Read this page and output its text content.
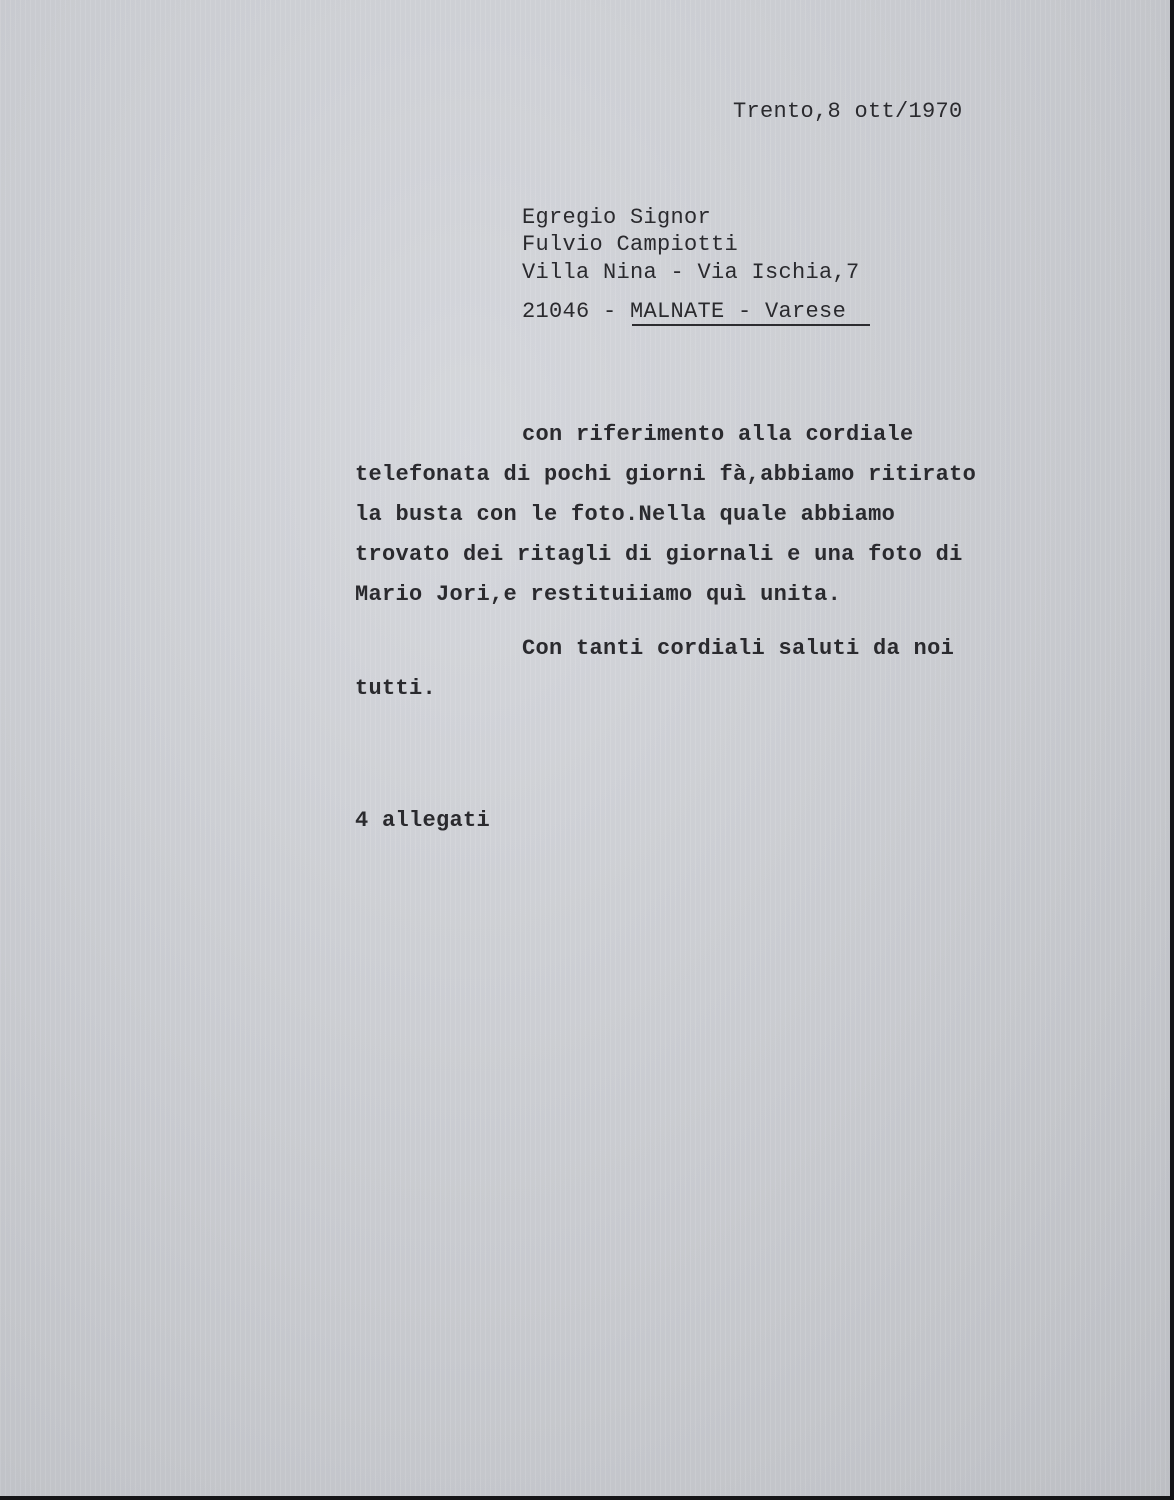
Trento,8 ott/1970
Egregio Signor
Fulvio Campiotti
Villa Nina - Via Ischia,7
21046 - MALNATE - Varese
con riferimento alla cordiale
telefonata di pochi giorni fà,abbiamo ritirato
la busta con le foto.Nella quale abbiamo
trovato dei ritagli di giornali e una foto di
Mario Jori,e restituiiamo quì unita.
Con tanti cordiali saluti da noi
tutti.
4 allegati
